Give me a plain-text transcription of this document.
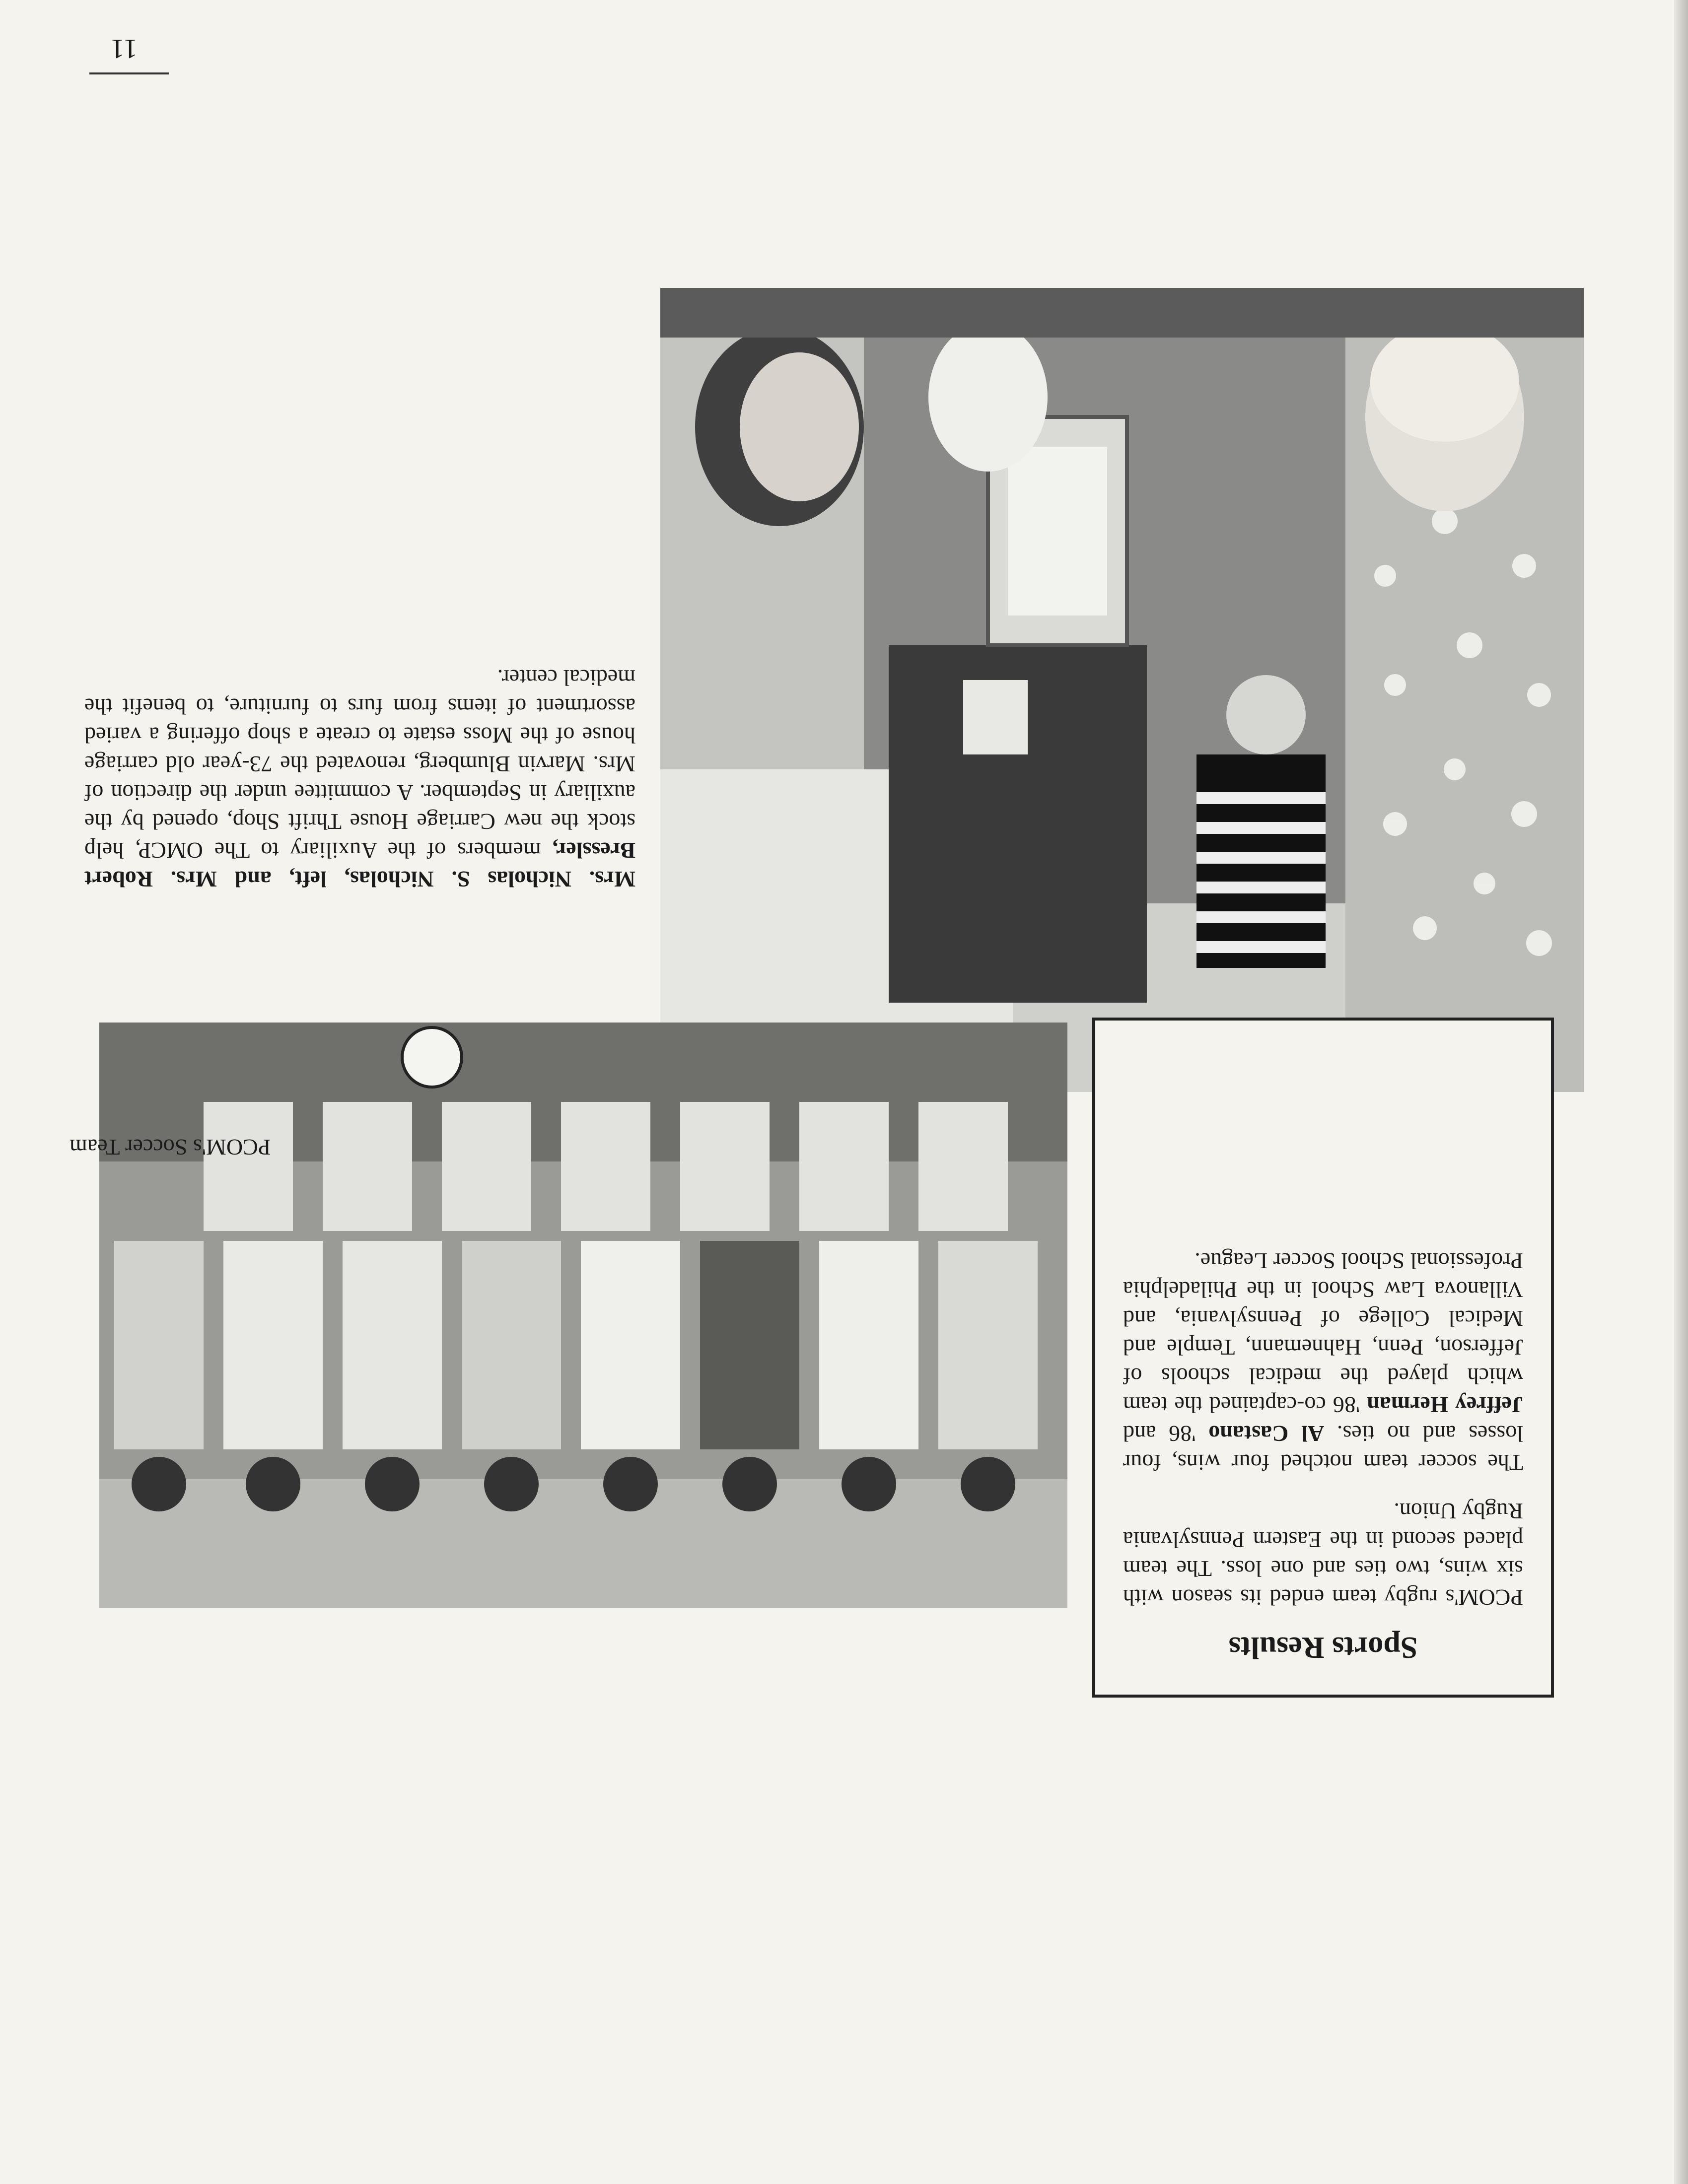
Mrs. Nicholas S. Nicholas, left, and Mrs. Robert Bressler, members of the Auxiliary to The OMCP, help stock the new Carriage House Thrift Shop, opened by the auxiliary in September. A committee under the direction of Mrs. Marvin Blumberg, renovated the 73-year old carriage house of the Moss estate to create a shop offering a varied assortment of items from furs to furniture, to benefit the medical center.
PCOM's Soccer Team
Sports Results

PCOM's rugby team ended its season with six wins, two ties and one loss. The team placed second in the Eastern Pennsylvania Rugby Union.

The soccer team notched four wins, four losses and no ties. Al Castano '86 and Jeffrey Herman '86 co-captained the team which played the medical schools of Jefferson, Penn, Hahnemann, Temple and Medical College of Pennsylvania, and Villanova Law School in the Philadelphia Professional School Soccer League.

11
